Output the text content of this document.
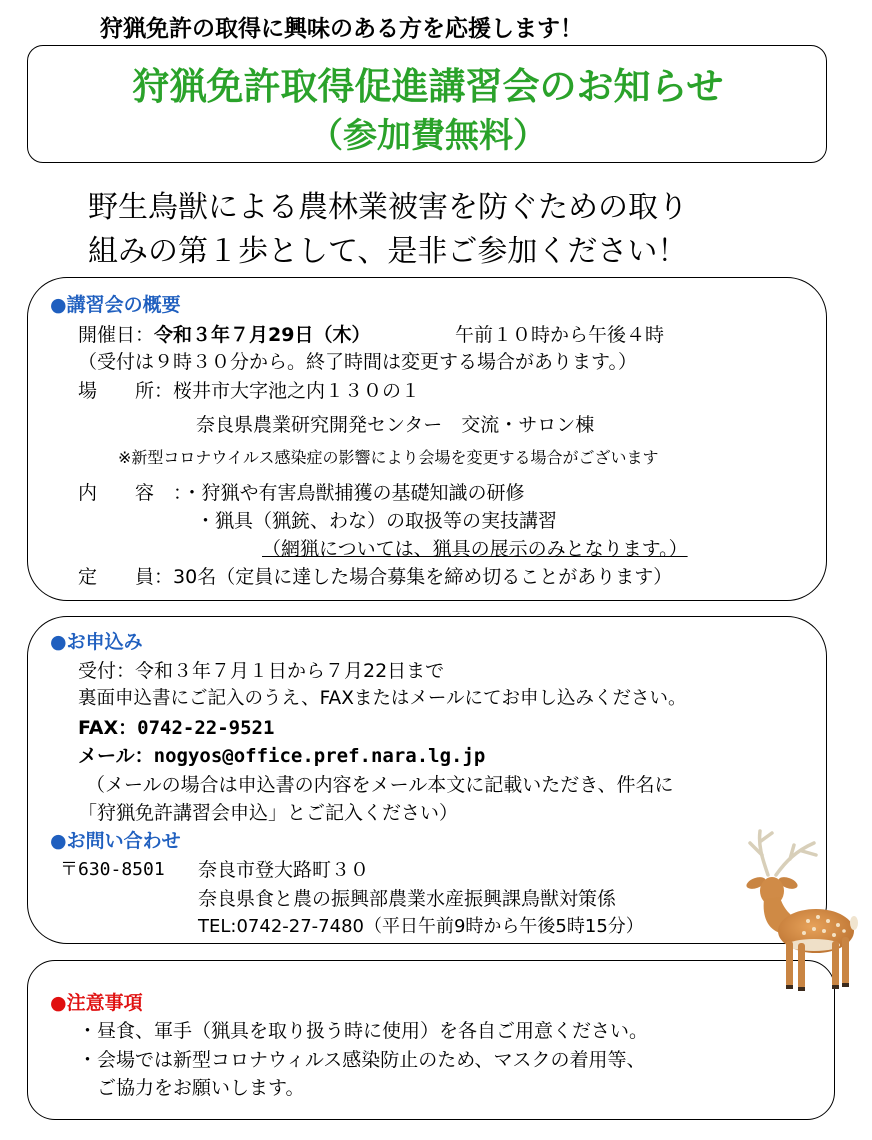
狩猟免許の取得に興味のある方を応援します！
狩猟免許取得促進講習会のお知らせ
（参加費無料）
野生鳥獣による農林業被害を防ぐための取り
組みの第１歩として、是非ご参加ください！
●講習会の概要
開催日：令和３年７月29日（木）	午前１０時から午後４時
（受付は９時３０分から。終了時間は変更する場合があります。）
場　　所：桜井市大字池之内１３０の１
奈良県農業研究開発センター　交流・サロン棟
※新型コロナウイルス感染症の影響により会場を変更する場合がございます
内　　容　：・狩猟や有害鳥獣捕獲の基礎知識の研修
・猟具（猟銃、わな）の取扱等の実技講習
（網猟については、猟具の展示のみとなります。）
定　　員：30名（定員に達した場合募集を締め切ることがあります）
●お申込み
受付：令和３年７月１日から７月22日まで
裏面申込書にご記入のうえ、FAXまたはメールにてお申し込みください。
FAX：0742-22-9521
メール：nogyos@office.pref.nara.lg.jp
（メールの場合は申込書の内容をメール本文に記載いただき、件名に
「狩猟免許講習会申込」とご記入ください）
●お問い合わせ
〒630-8501 奈良市登大路町３０
奈良県食と農の振興部農業水産振興課鳥獣対策係
TEL:0742-27-7480（平日午前9時から午後5時15分）
●注意事項
・昼食、軍手（猟具を取り扱う時に使用）を各自ご用意ください。
・会場では新型コロナウィルス感染防止のため、マスクの着用等、
　ご協力をお願いします。
